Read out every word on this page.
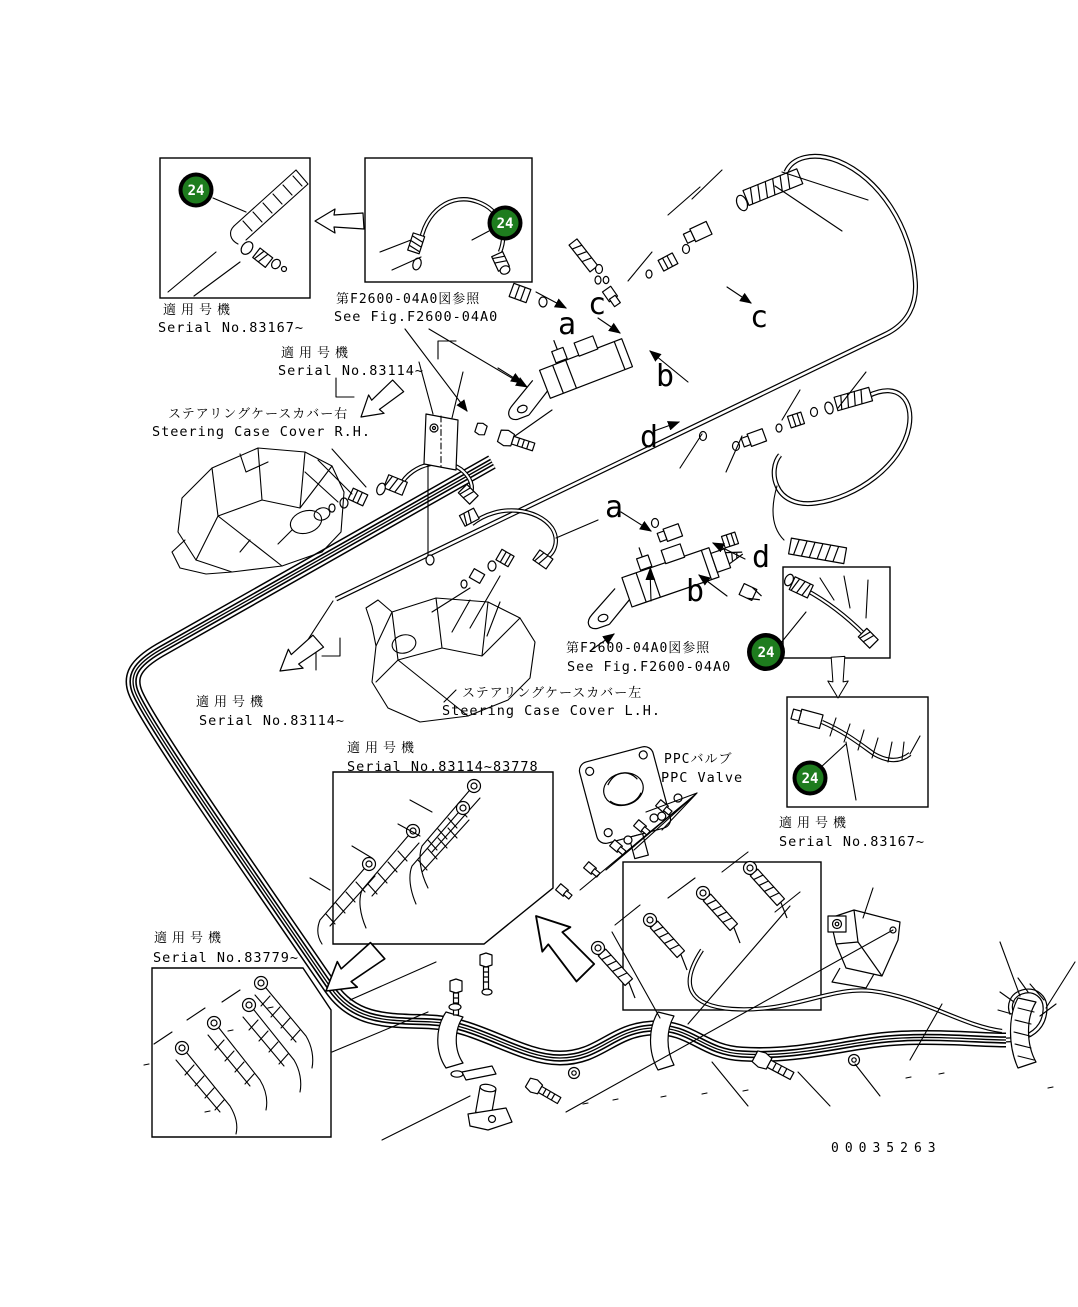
24
24
24
24
適用号機
Serial No.83167~
第F2600-04A0図参照
See Fig.F2600-04A0
適用号機
Serial No.83114~
ステアリングケースカバー右
Steering Case Cover R.H.
適用号機
Serial No.83114~
第F2600-04A0図参照
See Fig.F2600-04A0
ステアリングケースカバー左
Steering Case Cover L.H.
適用号機
Serial No.83114~83778	PPCバルブ
PPC Valve
適用号機
Serial No.83167~
適用号機
Serial No.83779~
00035263
a
c
b
c
d
a
d
b
